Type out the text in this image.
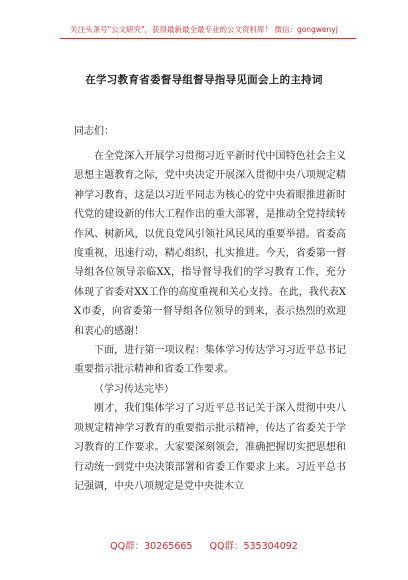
关注头条号"公文研究"，获得最新最全最专业的公文资料库！ 微信：gongwenyj
在学习教育省委督导组督导指导见面会上的主持词
同志们：

在全党深入开展学习贯彻习近平新时代中国特色社会主义思想主题教育之际，党中央决定开展深入贯彻中央八项规定精神学习教育，这是以习近平同志为核心的党中央着眼推进新时代党的建设新的伟大工程作出的重大部署，是推动全党持续转作风、树新风，以优良党风引领社风民风的重要举措。省委高度重视，迅速行动，精心组织，扎实推进。今天，省委第一督导组各位领导亲临XX，指导督导我们的学习教育工作，充分体现了省委对XX工作的高度重视和关心支持。在此，我代表XX市委，向省委第一督导组各位领导的到来，表示热烈的欢迎和衷心的感谢！

下面，进行第一项议程：集体学习传达学习习近平总书记重要指示批示精神和省委工作要求。

（学习传达完毕）

刚才，我们集体学习了习近平总书记关于深入贯彻中央八项规定精神学习教育的重要指示批示精神，传达了省委关于学习教育的工作要求。大家要深刻领会，准确把握切实把思想和行动统一到党中央决策部署和省委工作要求上来。习近平总书记强调，中央八项规定是党中央徙木立

QQ群：30265665 QQ群：535304092
